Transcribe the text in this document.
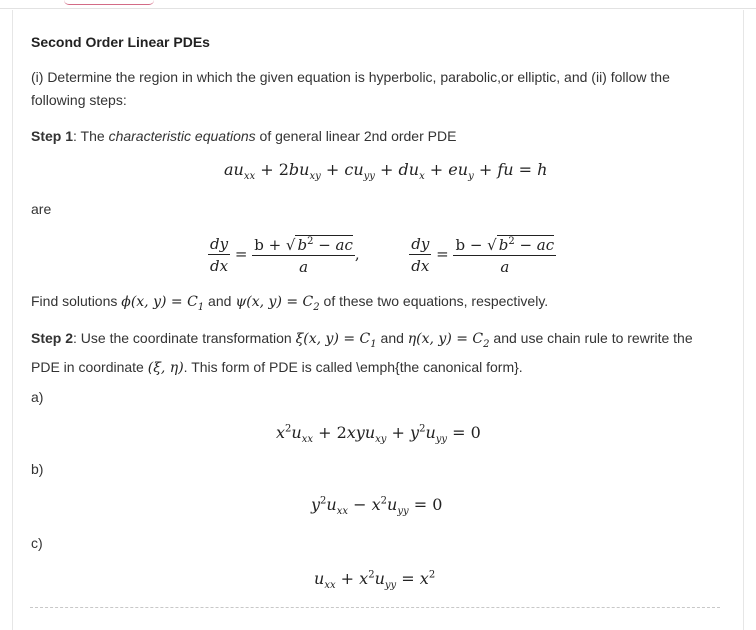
Second Order Linear PDEs
(i) Determine the region in which the given equation is hyperbolic, parabolic,or elliptic, and (ii) follow the following steps:
Step 1: The characteristic equations of general linear 2nd order PDE
$au_{xx} + 2bu_{xy} + cu_{yy} + du_x + eu_y$ + fu = h
are
$\frac{dy}{dx} = \frac{b + √ b^2 - ac}{a}$ ,	$\frac{dy}{dx} = \frac{b - √ b^2 - ac}{a}$
Find solutions ϕ(x, $y) = C_1$ and ψ(x, $y) = C_2$ of these two equations, respectively.
Step 2: Use the coordinate transformation ξ(x, $y) = C_1$ and η(x, $y) = C_2$ and use chain rule to rewrite the
PDE in coordinate (ξ, η). This form of PDE is called \emph{the canonical form}.
a)
$x^2u_{xx} + 2xyu_{xy} + y^2u_{yy} = 0$
b)
$y^2u_{xx} - x^2u_{yy} = 0$
c)
$u_{xx} + x^2u_{yy} = x^2$
